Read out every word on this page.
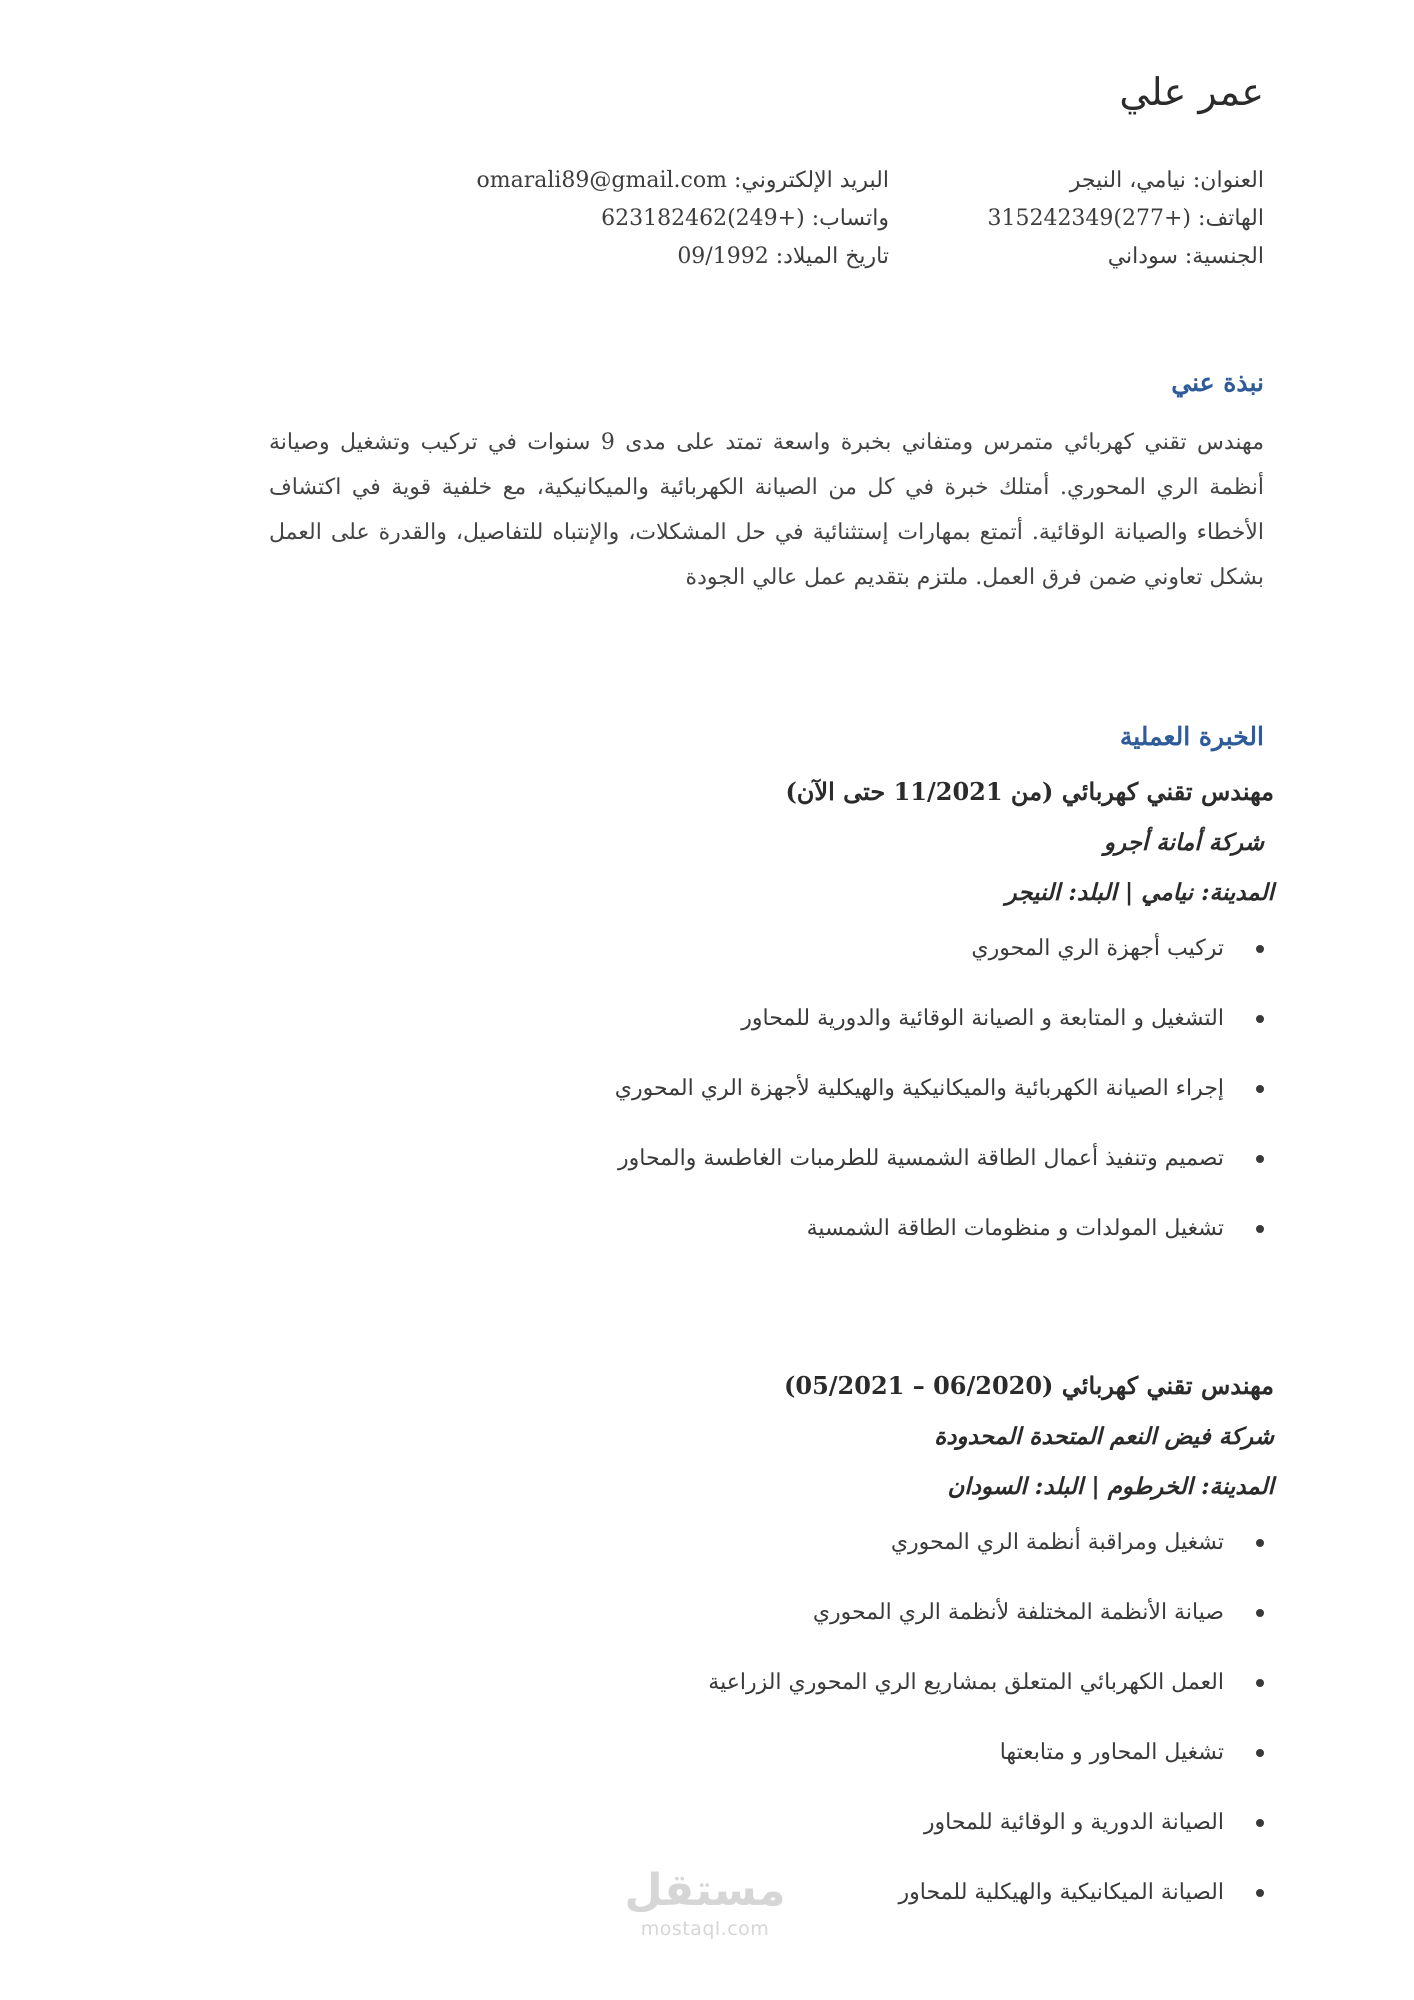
عمر علي
العنوان: نيامي، النيجر
الهاتف: 315242349(277+)
الجنسية: سوداني
البريد الإلكتروني: omarali89@gmail.com
واتساب: 623182462(249+)
تاريخ الميلاد: 09/1992
نبذة عني
مهندس تقني كهربائي متمرس ومتفاني بخبرة واسعة تمتد على مدى 9 سنوات في تركيب وتشغيل وصيانة أنظمة الري المحوري. أمتلك خبرة في كل من الصيانة الكهربائية والميكانيكية، مع خلفية قوية في اكتشاف الأخطاء والصيانة الوقائية. أتمتع بمهارات إستثنائية في حل المشكلات، والإنتباه للتفاصيل، والقدرة على العمل بشكل تعاوني ضمن فرق العمل. ملتزم بتقديم عمل عالي الجودة
الخبرة العملية
مهندس تقني كهربائي (من 11/2021 حتى الآن)
شركة أمانة أجرو
المدينة: نيامي | البلد: النيجر
تركيب أجهزة الري المحوري
التشغيل و المتابعة و الصيانة الوقائية والدورية للمحاور
إجراء الصيانة الكهربائية والميكانيكية والهيكلية لأجهزة الري المحوري
تصميم وتنفيذ أعمال الطاقة الشمسية للطرمبات الغاطسة والمحاور
تشغيل المولدات و منظومات الطاقة الشمسية
مهندس تقني كهربائي (06/2020 – 05/2021)
شركة فيض النعم المتحدة المحدودة
المدينة: الخرطوم | البلد: السودان
تشغيل ومراقبة أنظمة الري المحوري
صيانة الأنظمة المختلفة لأنظمة الري المحوري
العمل الكهربائي المتعلق بمشاريع الري المحوري الزراعية
تشغيل المحاور و متابعتها
الصيانة الدورية و الوقائية للمحاور
الصيانة الميكانيكية والهيكلية للمحاور
مستقل
mostaql.com
